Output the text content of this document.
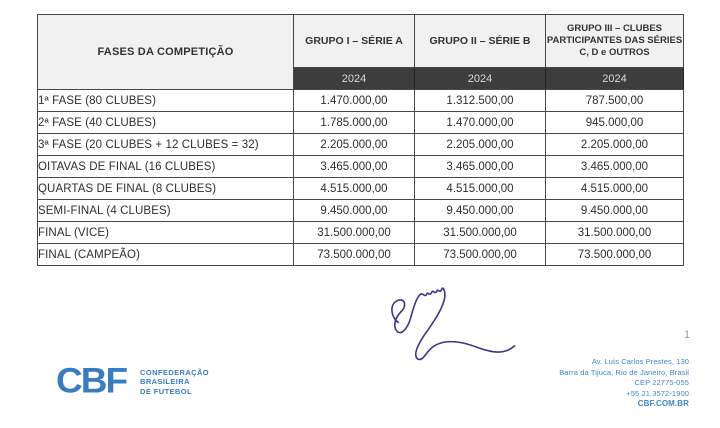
FASES DA COMPETIÇÃO	GRUPO I – SÉRIE A	GRUPO II – SÉRIE B	GRUPO III – CLUBES PARTICIPANTES DAS SÉRIES C, D e OUTROS
	2024	2024	2024
1ª FASE (80 CLUBES)	1.470.000,00	1.312.500,00	787.500,00
2ª FASE (40 CLUBES)	1.785.000,00	1.470.000,00	945.000,00
3ª FASE (20 CLUBES + 12 CLUBES = 32)	2.205.000,00	2.205.000,00	2.205.000,00
OITAVAS DE FINAL (16 CLUBES)	3.465.000,00	3.465.000,00	3.465.000,00
QUARTAS DE FINAL (8 CLUBES)	4.515.000,00	4.515.000,00	4.515.000,00
SEMI-FINAL (4 CLUBES)	9.450.000,00	9.450.000,00	9.450.000,00
FINAL (VICE)	31.500.000,00	31.500.000,00	31.500.000,00
FINAL (CAMPEÃO)	73.500.000,00	73.500.000,00	73.500.000,00
1
CBF CONFEDERAÇÃO
BRASILEIRA
DE FUTEBOL
Av. Luís Carlos Prestes, 130
Barra da Tijuca, Rio de Janeiro, Brasil
CEP 22775-055
+55 21 3572-1900
CBF.COM.BR
